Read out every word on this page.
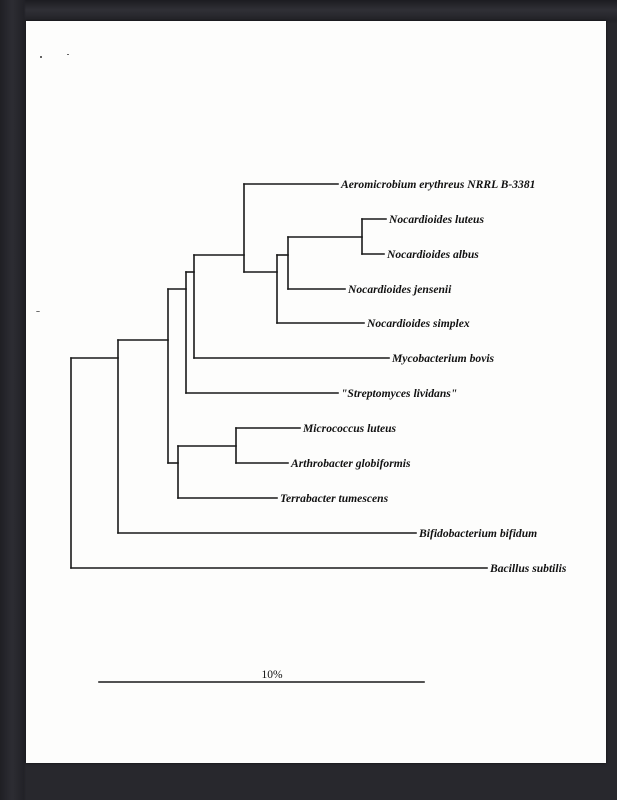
Aeromicrobium erythreus NRRL B-3381
Nocardioides luteus
Nocardioides albus
Nocardioides jensenii
Nocardioides simplex
Mycobacterium bovis
"Streptomyces lividans"
Micrococcus luteus
Arthrobacter globiformis
Terrabacter tumescens
Bifidobacterium bifidum
Bacillus subtilis
10%
